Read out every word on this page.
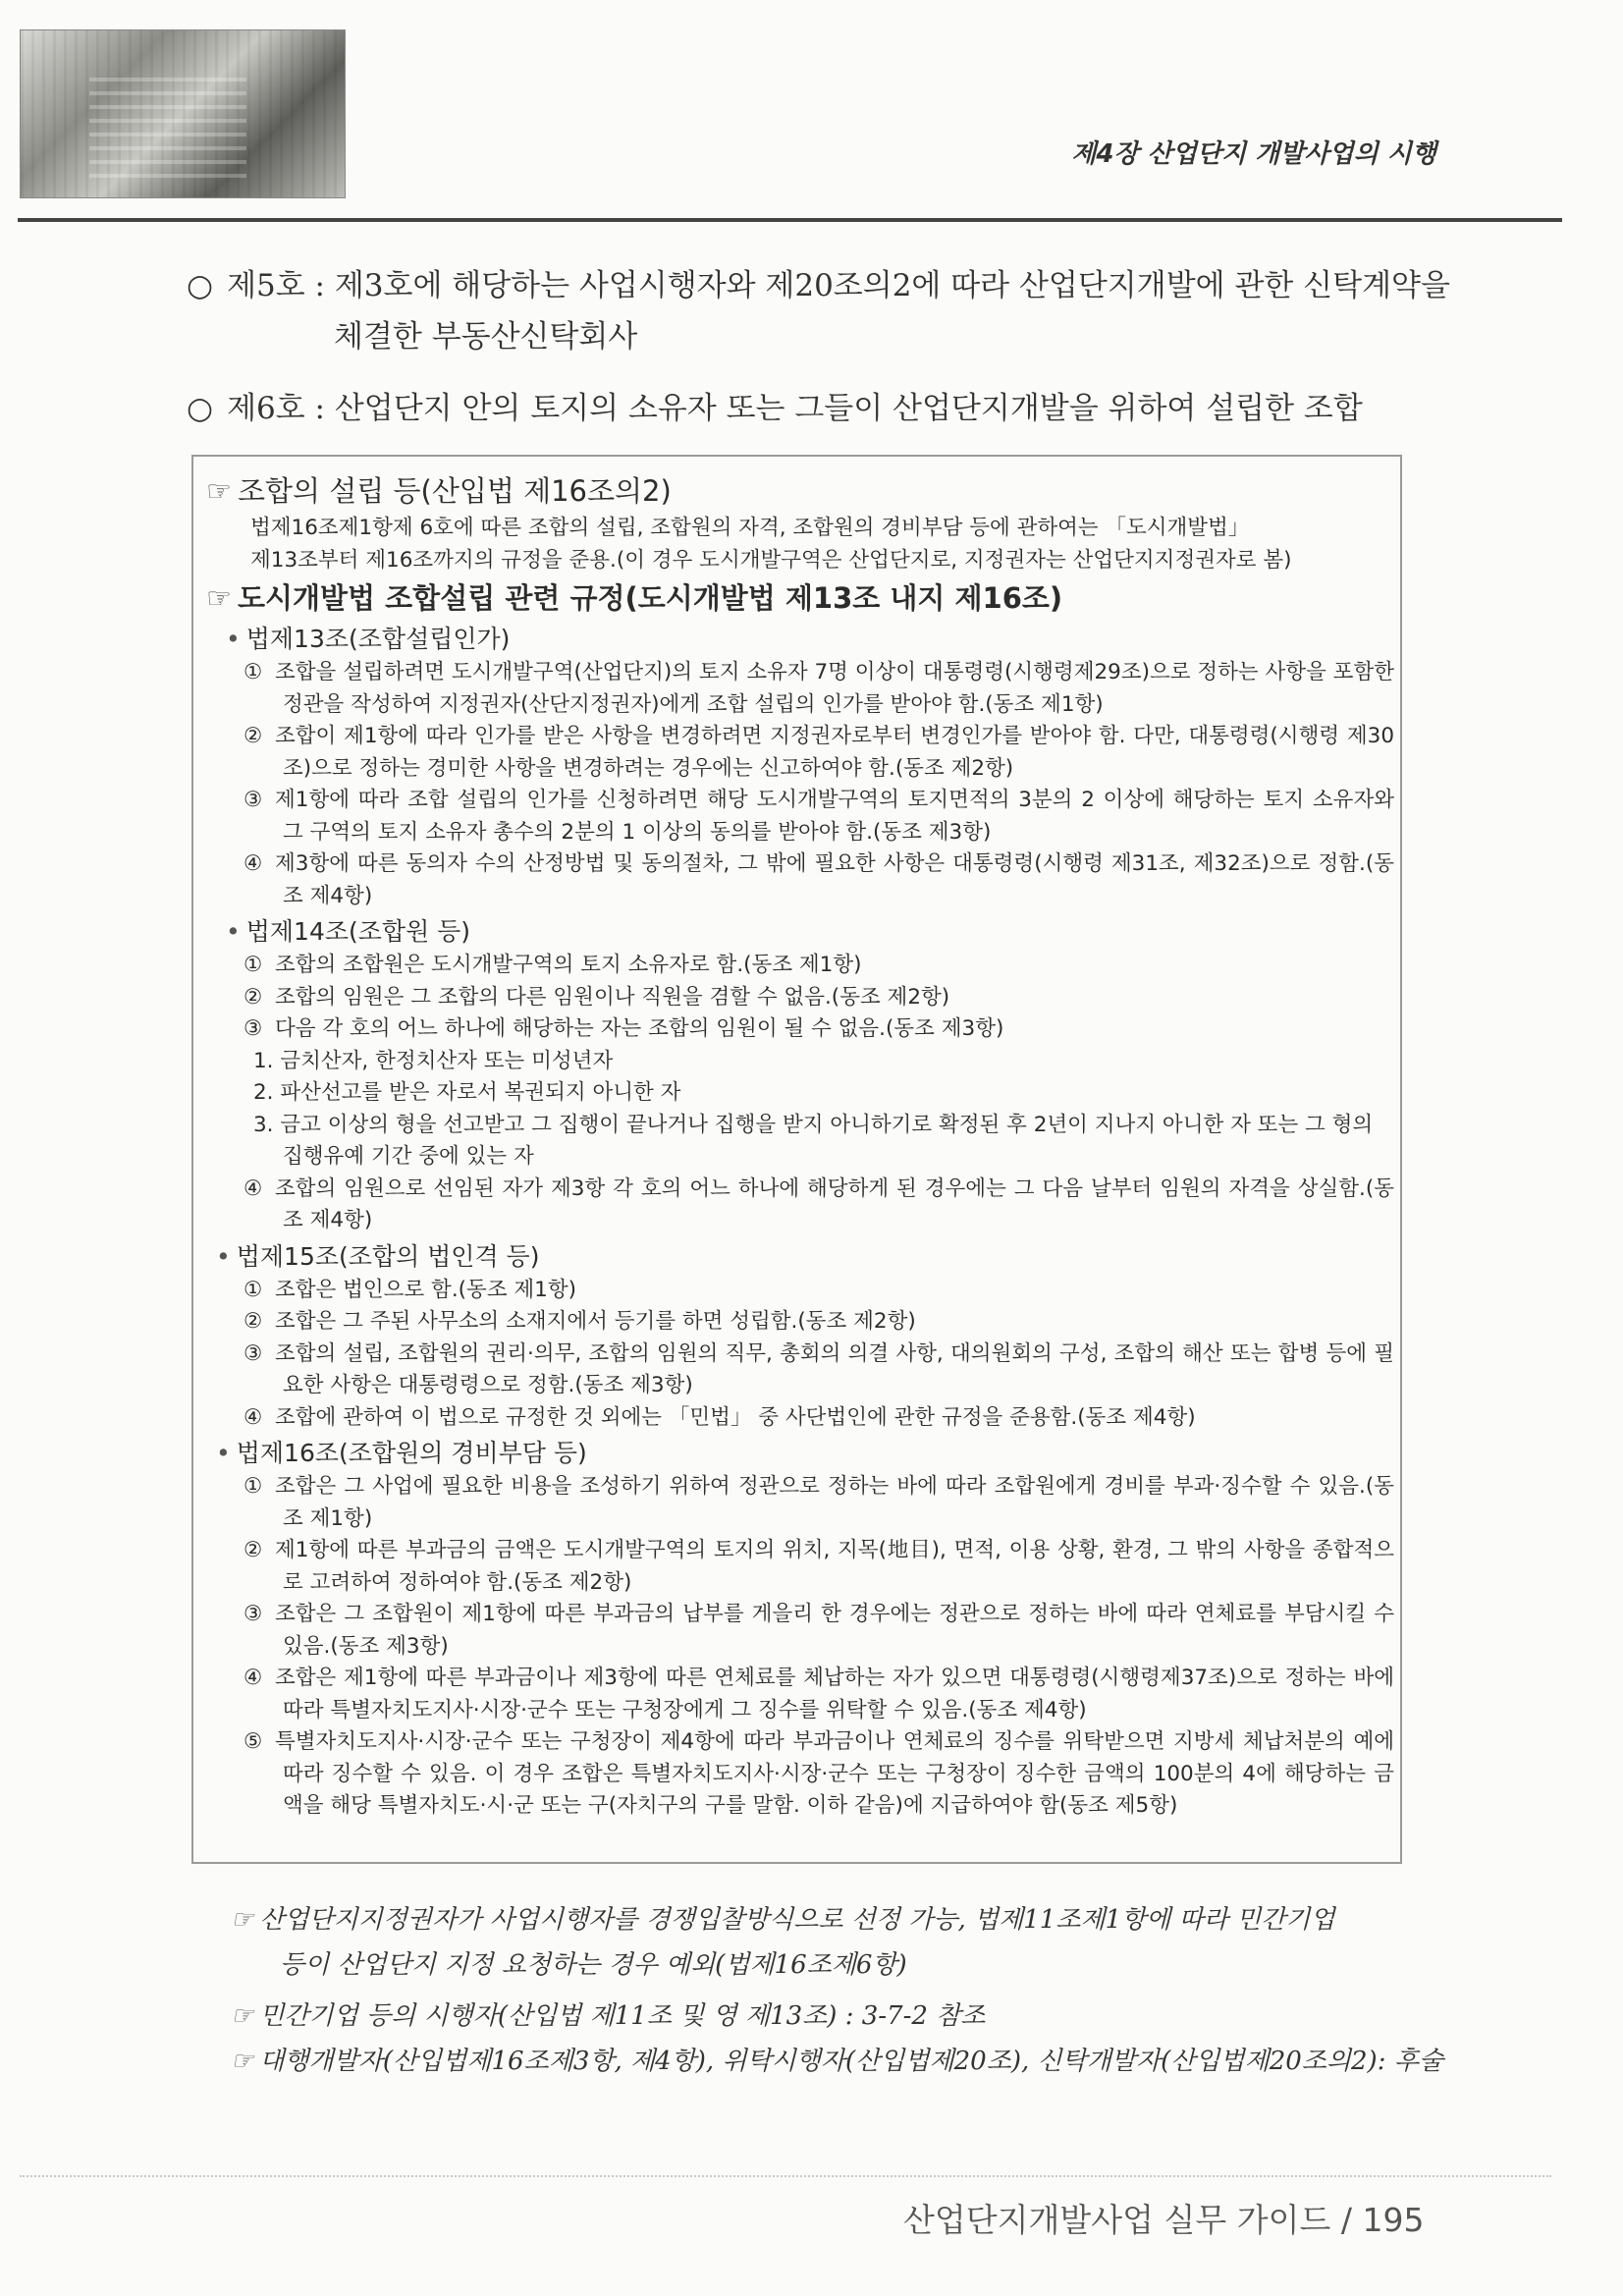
제4장 산업단지 개발사업의 시행
○ 제5호 : 제3호에 해당하는 사업시행자와 제20조의2에 따라 산업단지개발에 관한 신탁계약을
체결한 부동산신탁회사
○ 제6호 : 산업단지 안의 토지의 소유자 또는 그들이 산업단지개발을 위하여 설립한 조합
☞ 조합의 설립 등(산입법 제16조의2)
법제16조제1항제 6호에 따른 조합의 설립, 조합원의 자격, 조합원의 경비부담 등에 관하여는 「도시개발법」
제13조부터 제16조까지의 규정을 준용.(이 경우 도시개발구역은 산업단지로, 지정권자는 산업단지지정권자로 봄)
☞ 도시개발법 조합설립 관련 규정(도시개발법 제13조 내지 제16조)
• 법제13조(조합설립인가)
① 조합을 설립하려면 도시개발구역(산업단지)의 토지 소유자 7명 이상이 대통령령(시행령제29조)으로 정하는 사항을 포함한 정관을 작성하여 지정권자(산단지정권자)에게 조합 설립의 인가를 받아야 함.(동조 제1항)
② 조합이 제1항에 따라 인가를 받은 사항을 변경하려면 지정권자로부터 변경인가를 받아야 함. 다만, 대통령령(시행령 제30조)으로 정하는 경미한 사항을 변경하려는 경우에는 신고하여야 함.(동조 제2항)
③ 제1항에 따라 조합 설립의 인가를 신청하려면 해당 도시개발구역의 토지면적의 3분의 2 이상에 해당하는 토지 소유자와 그 구역의 토지 소유자 총수의 2분의 1 이상의 동의를 받아야 함.(동조 제3항)
④ 제3항에 따른 동의자 수의 산정방법 및 동의절차, 그 밖에 필요한 사항은 대통령령(시행령 제31조, 제32조)으로 정함.(동조 제4항)
• 법제14조(조합원 등)
① 조합의 조합원은 도시개발구역의 토지 소유자로 함.(동조 제1항)
② 조합의 임원은 그 조합의 다른 임원이나 직원을 겸할 수 없음.(동조 제2항)
③ 다음 각 호의 어느 하나에 해당하는 자는 조합의 임원이 될 수 없음.(동조 제3항)
1. 금치산자, 한정치산자 또는 미성년자
2. 파산선고를 받은 자로서 복권되지 아니한 자
3. 금고 이상의 형을 선고받고 그 집행이 끝나거나 집행을 받지 아니하기로 확정된 후 2년이 지나지 아니한 자 또는 그 형의 집행유예 기간 중에 있는 자
④ 조합의 임원으로 선임된 자가 제3항 각 호의 어느 하나에 해당하게 된 경우에는 그 다음 날부터 임원의 자격을 상실함.(동조 제4항)
• 법제15조(조합의 법인격 등)
① 조합은 법인으로 함.(동조 제1항)
② 조합은 그 주된 사무소의 소재지에서 등기를 하면 성립함.(동조 제2항)
③ 조합의 설립, 조합원의 권리·의무, 조합의 임원의 직무, 총회의 의결 사항, 대의원회의 구성, 조합의 해산 또는 합병 등에 필요한 사항은 대통령령으로 정함.(동조 제3항)
④ 조합에 관하여 이 법으로 규정한 것 외에는 「민법」 중 사단법인에 관한 규정을 준용함.(동조 제4항)
• 법제16조(조합원의 경비부담 등)
① 조합은 그 사업에 필요한 비용을 조성하기 위하여 정관으로 정하는 바에 따라 조합원에게 경비를 부과·징수할 수 있음.(동조 제1항)
② 제1항에 따른 부과금의 금액은 도시개발구역의 토지의 위치, 지목(地目), 면적, 이용 상황, 환경, 그 밖의 사항을 종합적으로 고려하여 정하여야 함.(동조 제2항)
③ 조합은 그 조합원이 제1항에 따른 부과금의 납부를 게을리 한 경우에는 정관으로 정하는 바에 따라 연체료를 부담시킬 수 있음.(동조 제3항)
④ 조합은 제1항에 따른 부과금이나 제3항에 따른 연체료를 체납하는 자가 있으면 대통령령(시행령제37조)으로 정하는 바에 따라 특별자치도지사·시장·군수 또는 구청장에게 그 징수를 위탁할 수 있음.(동조 제4항)
⑤ 특별자치도지사·시장·군수 또는 구청장이 제4항에 따라 부과금이나 연체료의 징수를 위탁받으면 지방세 체납처분의 예에 따라 징수할 수 있음. 이 경우 조합은 특별자치도지사·시장·군수 또는 구청장이 징수한 금액의 100분의 4에 해당하는 금액을 해당 특별자치도·시·군 또는 구(자치구의 구를 말함. 이하 같음)에 지급하여야 함(동조 제5항)
☞ 산업단지지정권자가 사업시행자를 경쟁입찰방식으로 선정 가능, 법제11조제1항에 따라 민간기업
등이 산업단지 지정 요청하는 경우 예외(법제16조제6항)
☞ 민간기업 등의 시행자(산입법 제11조 및 영 제13조) : 3-7-2 참조
☞ 대행개발자(산입법제16조제3항, 제4항), 위탁시행자(산입법제20조), 신탁개발자(산입법제20조의2): 후술
산업단지개발사업 실무 가이드 / 195
